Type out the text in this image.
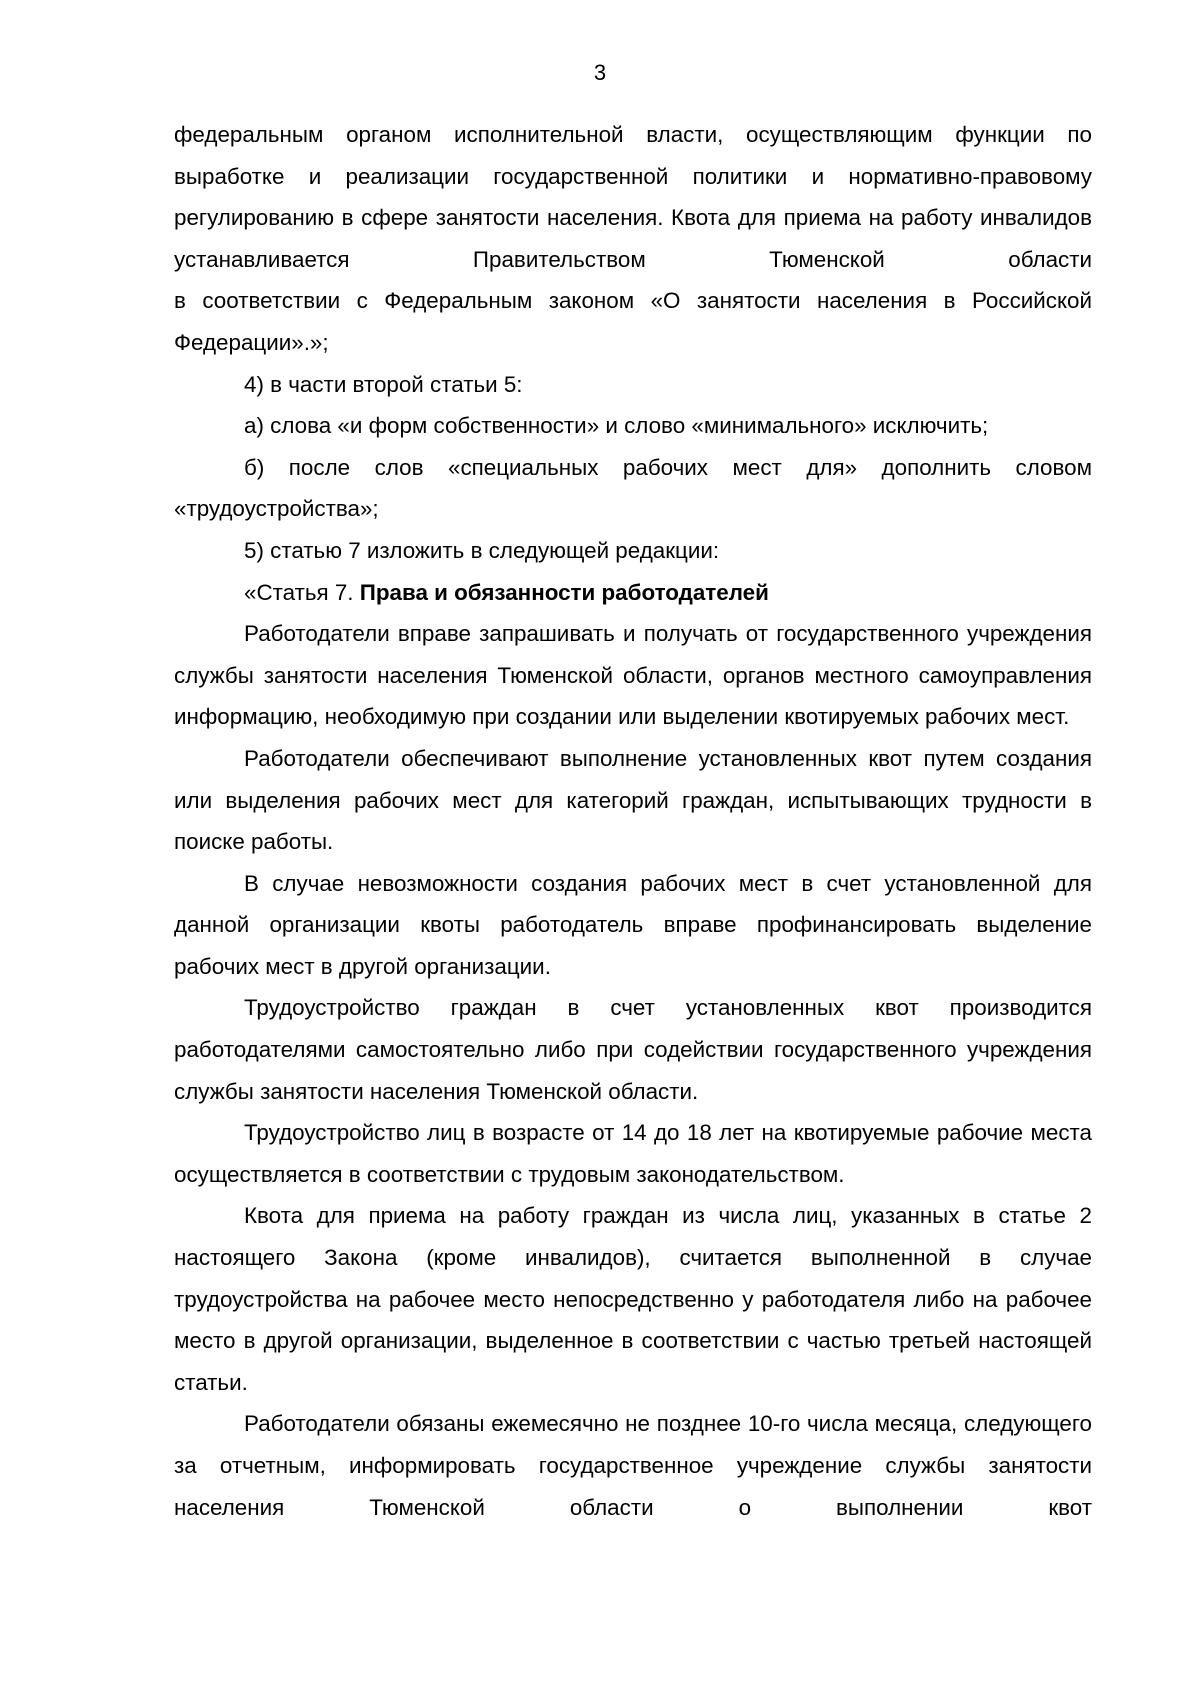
3

федеральным органом исполнительной власти, осуществляющим функции по выработке и реализации государственной политики и нормативно-правовому регулированию в сфере занятости населения. Квота для приема на работу инвалидов устанавливается Правительством Тюменской области

в соответствии с Федеральным законом «О занятости населения в Российской Федерации».»;

4) в части второй статьи 5:

а) слова «и форм собственности» и слово «минимального» исключить;

б) после слов «специальных рабочих мест для» дополнить словом «трудоустройства»;

5) статью 7 изложить в следующей редакции:

«Статья 7. Права и обязанности работодателей

Работодатели вправе запрашивать и получать от государственного учреждения службы занятости населения Тюменской области, органов местного самоуправления информацию, необходимую при создании или выделении квотируемых рабочих мест.

Работодатели обеспечивают выполнение установленных квот путем создания или выделения рабочих мест для категорий граждан, испытывающих трудности в поиске работы.

В случае невозможности создания рабочих мест в счет установленной для данной организации квоты работодатель вправе профинансировать выделение рабочих мест в другой организации.

Трудоустройство граждан в счет установленных квот производится работодателями самостоятельно либо при содействии государственного учреждения службы занятости населения Тюменской области.

Трудоустройство лиц в возрасте от 14 до 18 лет на квотируемые рабочие места осуществляется в соответствии с трудовым законодательством.

Квота для приема на работу граждан из числа лиц, указанных в статье 2 настоящего Закона (кроме инвалидов), считается выполненной в случае трудоустройства на рабочее место непосредственно у работодателя либо на рабочее место в другой организации, выделенное в соответствии с частью третьей настоящей статьи.

Работодатели обязаны ежемесячно не позднее 10-го числа месяца, следующего за отчетным, информировать государственное учреждение службы занятости населения Тюменской области о выполнении квот
